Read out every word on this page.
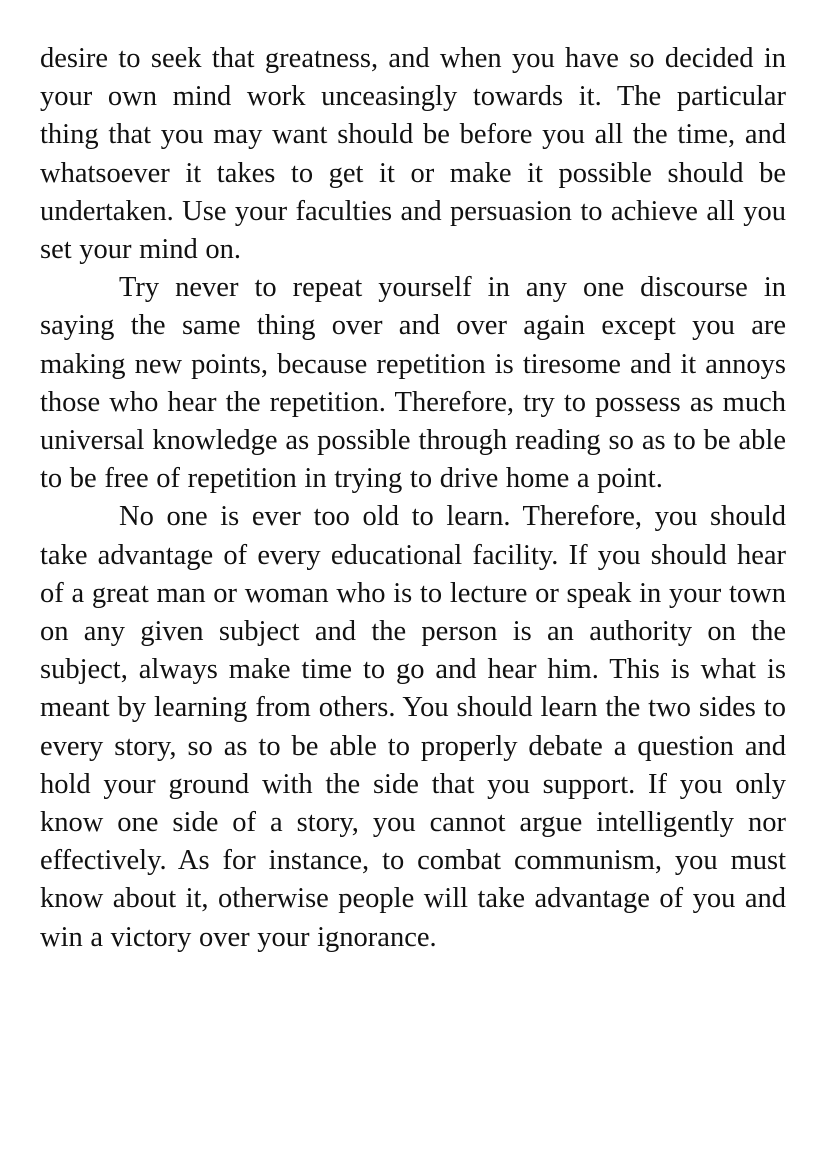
desire to seek that greatness, and when you have so decided in your own mind work unceasingly towards it. The particular thing that you may want should be before you all the time, and whatsoever it takes to get it or make it possible should be undertaken. Use your faculties and persuasion to achieve all you set your mind on.

Try never to repeat yourself in any one discourse in saying the same thing over and over again except you are making new points, because repetition is tiresome and it annoys those who hear the repetition. Therefore, try to possess as much universal knowledge as possible through reading so as to be able to be free of repetition in trying to drive home a point.

No one is ever too old to learn. Therefore, you should take advantage of every educational facility. If you should hear of a great man or woman who is to lecture or speak in your town on any given subject and the person is an authority on the subject, always make time to go and hear him. This is what is meant by learning from others. You should learn the two sides to every story, so as to be able to properly debate a question and hold your ground with the side that you support. If you only know one side of a story, you cannot argue intelligently nor effectively. As for instance, to combat communism, you must know about it, otherwise people will take advantage of you and win a victory over your ignorance.
